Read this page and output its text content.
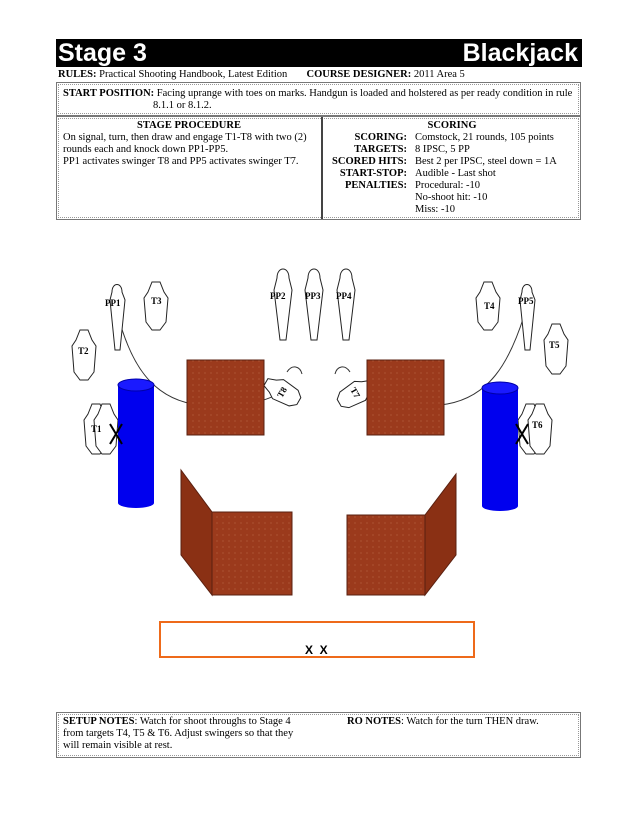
Stage 3	Blackjack
RULES: Practical Shooting Handbook, Latest Edition COURSE DESIGNER: 2011 Area 5
START POSITION: Facing uprange with toes on marks. Handgun is loaded and holstered as per ready condition in rule
8.1.1 or 8.1.2.
STAGE PROCEDURE
On signal, turn, then draw and engage T1-T8 with two (2)
rounds each and knock down PP1-PP5.
PP1 activates swinger T8 and PP5 activates swinger T7.
SCORING
SCORING: Comstock, 21 rounds, 105 points
TARGETS: 8 IPSC, 5 PP
SCORED HITS: Best 2 per IPSC, steel down = 1A
START-STOP: Audible - Last shot
PENALTIES: Procedural: -10
No-shoot hit: -10
Miss: -10
PP1
PP2 PP3 PP4	PP5
T3
T2
T1
T4
T5
T6
T8	T7
X  X
SETUP NOTES: Watch for shoot throughs to Stage 4 from targets T4, T5 & T6. Adjust swingers so that they will remain visible at rest.
RO NOTES: Watch for the turn THEN draw.
